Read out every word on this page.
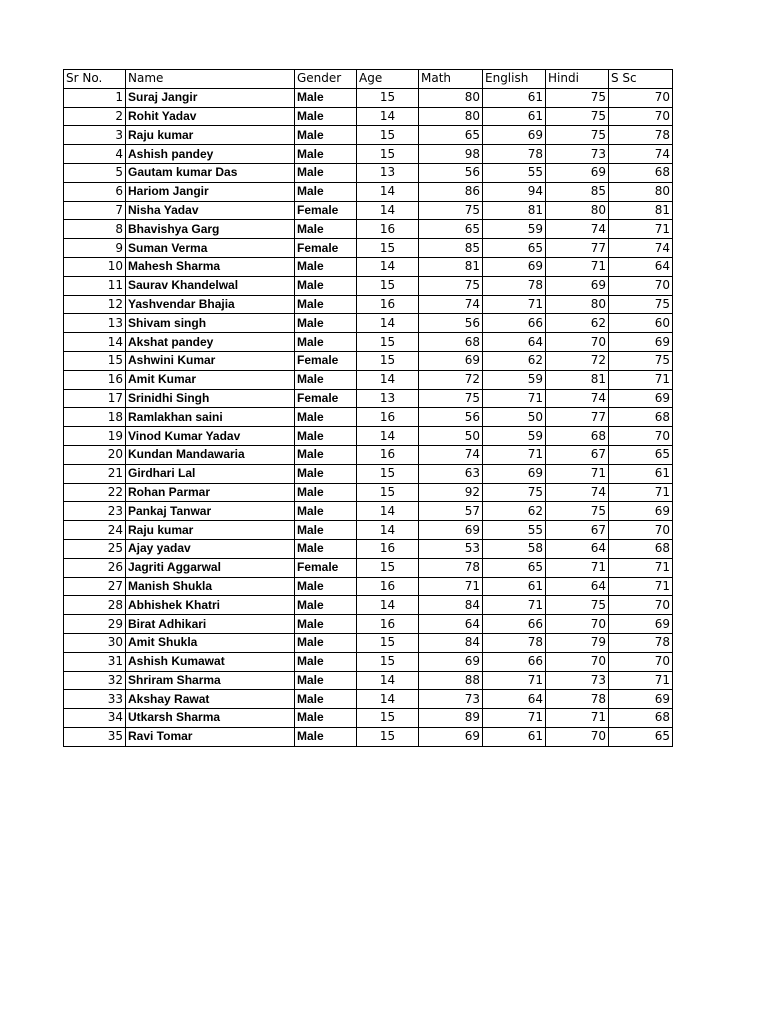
Sr No.	Name	Gender	Age	Math	English	Hindi	S Sc
1	Suraj Jangir	Male	15	80	61	75	70
2	Rohit Yadav	Male	14	80	61	75	70
3	Raju kumar	Male	15	65	69	75	78
4	Ashish pandey	Male	15	98	78	73	74
5	Gautam kumar Das	Male	13	56	55	69	68
6	Hariom Jangir	Male	14	86	94	85	80
7	Nisha Yadav	Female	14	75	81	80	81
8	Bhavishya Garg	Male	16	65	59	74	71
9	Suman Verma	Female	15	85	65	77	74
10	Mahesh Sharma	Male	14	81	69	71	64
11	Saurav Khandelwal	Male	15	75	78	69	70
12	Yashvendar Bhajia	Male	16	74	71	80	75
13	Shivam singh	Male	14	56	66	62	60
14	Akshat pandey	Male	15	68	64	70	69
15	Ashwini Kumar	Female	15	69	62	72	75
16	Amit Kumar	Male	14	72	59	81	71
17	Srinidhi Singh	Female	13	75	71	74	69
18	Ramlakhan saini	Male	16	56	50	77	68
19	Vinod Kumar Yadav	Male	14	50	59	68	70
20	Kundan Mandawaria	Male	16	74	71	67	65
21	Girdhari Lal	Male	15	63	69	71	61
22	Rohan Parmar	Male	15	92	75	74	71
23	Pankaj Tanwar	Male	14	57	62	75	69
24	Raju kumar	Male	14	69	55	67	70
25	Ajay yadav	Male	16	53	58	64	68
26	Jagriti Aggarwal	Female	15	78	65	71	71
27	Manish Shukla	Male	16	71	61	64	71
28	Abhishek Khatri	Male	14	84	71	75	70
29	Birat Adhikari	Male	16	64	66	70	69
30	Amit Shukla	Male	15	84	78	79	78
31	Ashish Kumawat	Male	15	69	66	70	70
32	Shriram Sharma	Male	14	88	71	73	71
33	Akshay Rawat	Male	14	73	64	78	69
34	Utkarsh Sharma	Male	15	89	71	71	68
35	Ravi Tomar	Male	15	69	61	70	65
